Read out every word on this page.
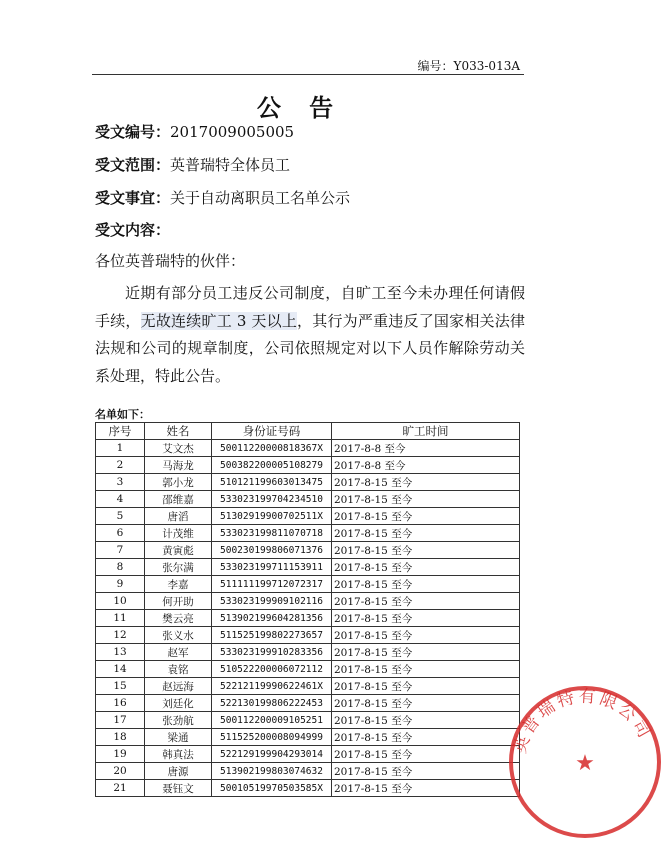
编号：Y033-013A
公 告
受文编号：2017009005005
受文范围：英普瑞特全体员工
受文事宜：关于自动离职员工名单公示
受文内容：
各位英普瑞特的伙伴：
近期有部分员工违反公司制度，自旷工至今未办理任何请假手续，无故连续旷工 3 天以上，其行为严重违反了国家相关法律法规和公司的规章制度，公司依照规定对以下人员作解除劳动关系处理，特此公告。
名单如下：
序号	姓名	身份证号码	旷工时间
1	艾文杰	50011220000818367X	2017-8-8 至今
2	马海龙	500382200005108279	2017-8-8 至今
3	郭小龙	510121199603013475	2017-8-15 至今
4	邵维嘉	533023199704234510	2017-8-15 至今
5	唐滔	51302919900702511X	2017-8-15 至今
6	计茂维	533023199811070718	2017-8-15 至今
7	黄寅彪	500230199806071376	2017-8-15 至今
8	张尔满	533023199711153911	2017-8-15 至今
9	李嘉	511111199712072317	2017-8-15 至今
10	何开助	533023199909102116	2017-8-15 至今
11	樊云亮	513902199604281356	2017-8-15 至今
12	张义水	511525199802273657	2017-8-15 至今
13	赵军	533023199910283356	2017-8-15 至今
14	袁铭	510522200006072112	2017-8-15 至今
15	赵远海	52212119990622461X	2017-8-15 至今
16	刘廷化	522130199806222453	2017-8-15 至今
17	张劲航	500112200009105251	2017-8-15 至今
18	梁通	511525200008094999	2017-8-15 至今
19	韩真法	522129199904293014	2017-8-15 至今
20	唐源	513902199803074632	2017-8-15 至今
21	聂钰文	50010519970503585X	2017-8-15 至今
英普瑞特有限公司
★
